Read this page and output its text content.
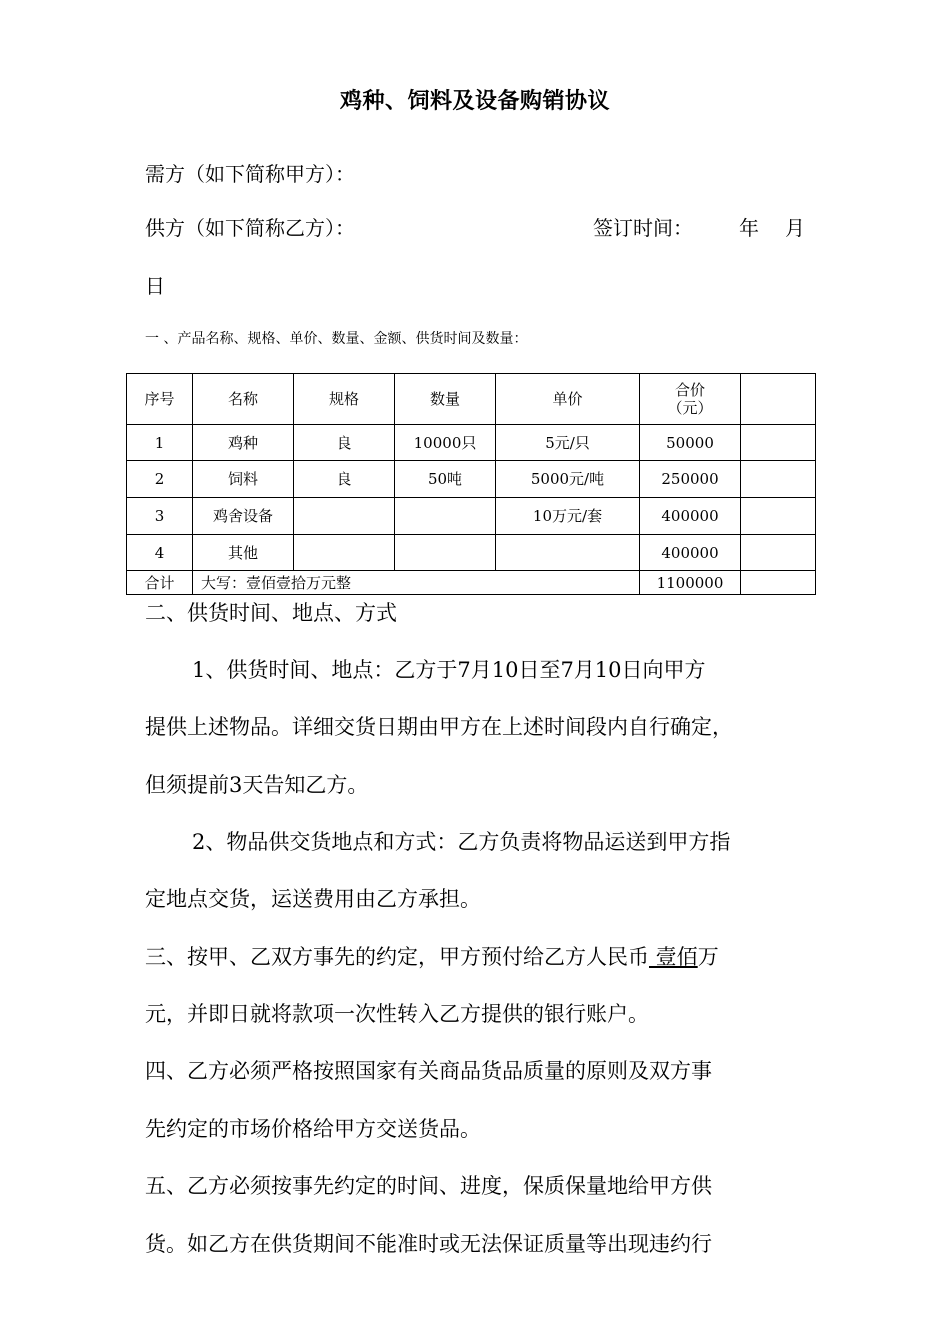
鸡种、饲料及设备购销协议
需方（如下简称甲方）：
供方（如下简称乙方）：	签订时间： 年 月
日
一 、产品名称、规格、单价、数量、金额、供货时间及数量：
序号	名称	规格	数量	单价	合价
（元）	

1	鸡种	良	10000只	5元/只	50000	
2	饲料	良	50吨	5000元/吨	250000	
3	鸡舍设备			10万元/套	400000	
4	其他				400000	
合计	大写：壹佰壹拾万元整				1100000	
二、供货时间、地点、方式
1、供货时间、地点：乙方于7月10日至7月10日向甲方
提供上述物品。详细交货日期由甲方在上述时间段内自行确定，
但须提前3天告知乙方。
2、物品供交货地点和方式：乙方负责将物品运送到甲方指
定地点交货，运送费用由乙方承担。
三、按甲、乙双方事先的约定，甲方预付给乙方人民币 壹佰万
元，并即日就将款项一次性转入乙方提供的银行账户。
四、乙方必须严格按照国家有关商品货品质量的原则及双方事
先约定的市场价格给甲方交送货品。
五、乙方必须按事先约定的时间、进度，保质保量地给甲方供
货。如乙方在供货期间不能准时或无法保证质量等出现违约行
